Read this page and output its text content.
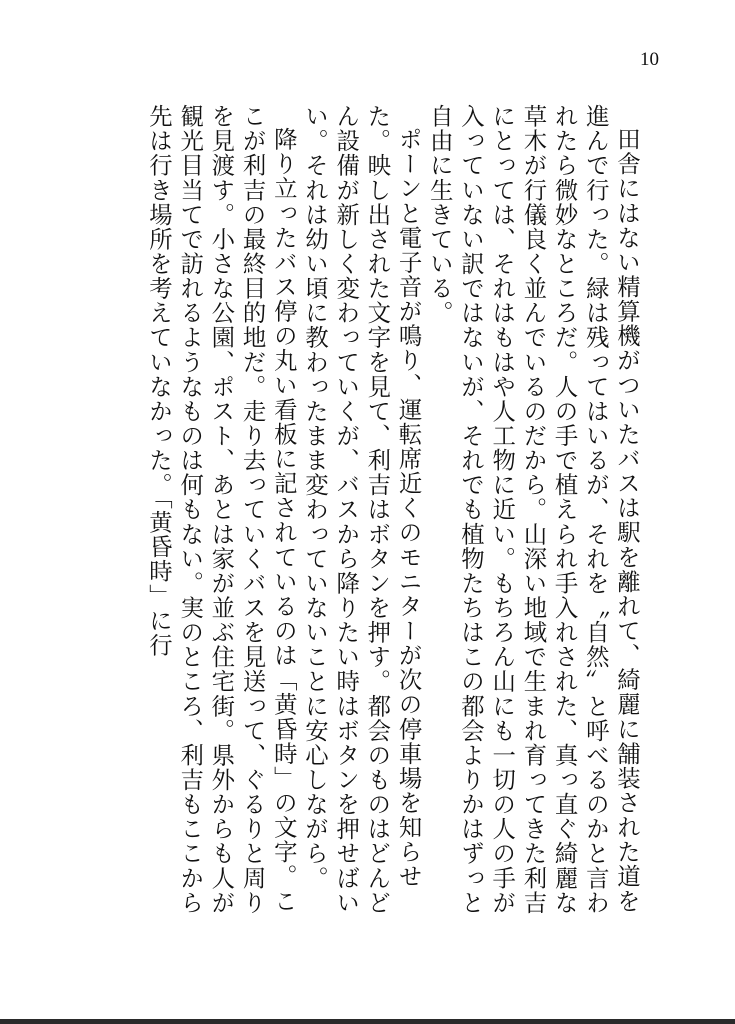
10

田舎にはない精算機がついたバスは駅を離れて、綺麗に舗装された道を進んで行った。緑は残ってはいるが、それを〝自然〟と呼べるのかと言われたら微妙なところだ。人の手で植えられ手入れされた、真っ直ぐ綺麗な草木が行儀良く並んでいるのだから。山深い地域で生まれ育ってきた利吉にとっては、それはもはや人工物に近い。もちろん山にも一切の人の手が入っていない訳ではないが、それでも植物たちはこの都会よりかはずっと自由に生きている。

ポーンと電子音が鳴り、運転席近くのモニターが次の停車場を知らせた。映し出された文字を見て、利吉はボタンを押す。都会のものはどんどん設備が新しく変わっていくが、バスから降りたい時はボタンを押せばいい。それは幼い頃に教わったまま変わっていないことに安心しながら。

降り立ったバス停の丸い看板に記されているのは「黄昏時」の文字。ここが利吉の最終目的地だ。走り去っていくバスを見送って、ぐるりと周りを見渡す。小さな公園、ポスト、あとは家が並ぶ住宅街。県外からも人が観光目当てで訪れるようなものは何もない。実のところ、利吉もここから先は行き場所を考えていなかった。「黄昏時」に行
